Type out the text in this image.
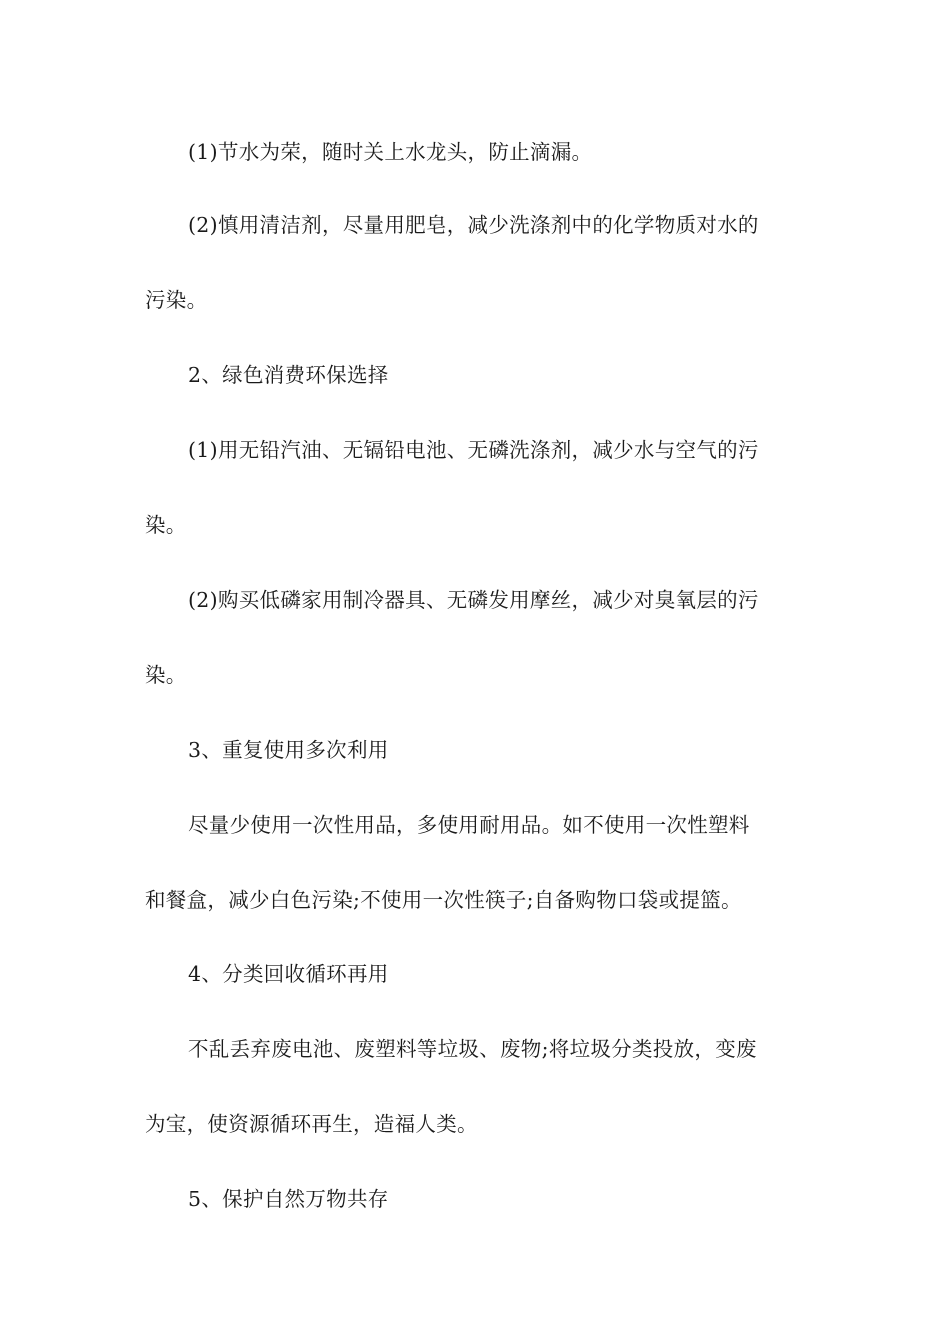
(1)节水为荣，随时关上水龙头，防止滴漏。
(2)慎用清洁剂，尽量用肥皂，减少洗涤剂中的化学物质对水的
污染。
2、绿色消费环保选择
(1)用无铅汽油、无镉铅电池、无磷洗涤剂，减少水与空气的污
染。
(2)购买低磷家用制冷器具、无磷发用摩丝，减少对臭氧层的污
染。
3、重复使用多次利用
尽量少使用一次性用品，多使用耐用品。如不使用一次性塑料
和餐盒，减少白色污染;不使用一次性筷子;自备购物口袋或提篮。
4、分类回收循环再用
不乱丢弃废电池、废塑料等垃圾、废物;将垃圾分类投放，变废
为宝，使资源循环再生，造福人类。
5、保护自然万物共存
